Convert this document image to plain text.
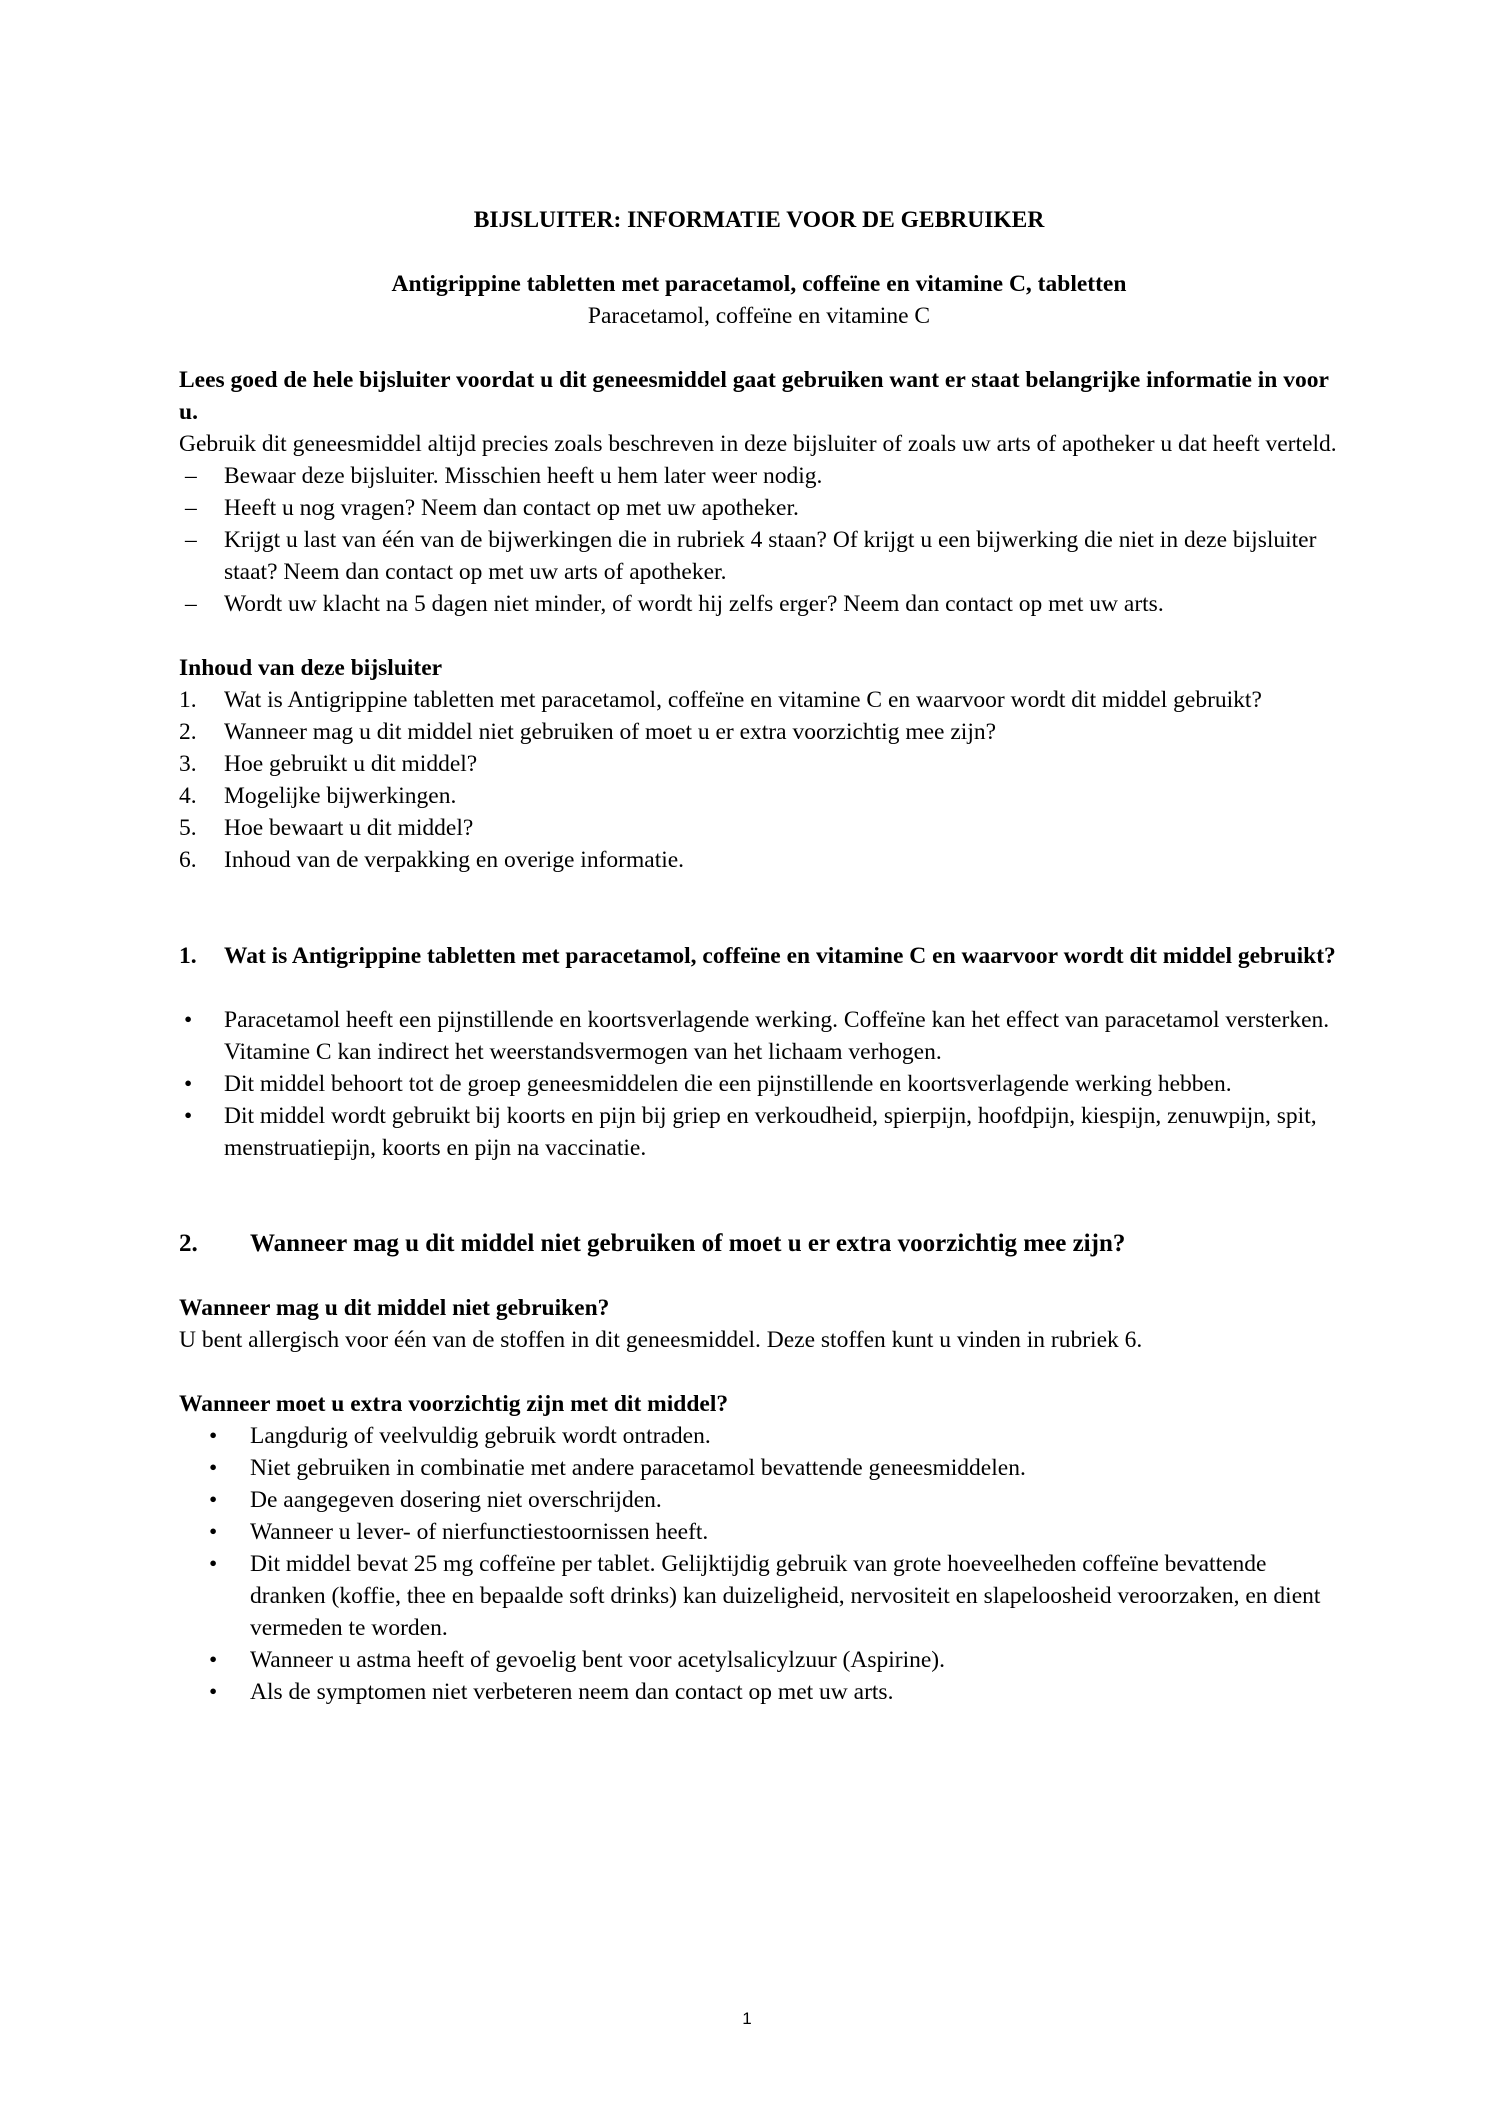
BIJSLUITER: INFORMATIE VOOR DE GEBRUIKER

Antigrippine tabletten met paracetamol, coffeïne en vitamine C, tabletten

Paracetamol, coffeïne en vitamine C

Lees goed de hele bijsluiter voordat u dit geneesmiddel gaat gebruiken want er staat belangrijke informatie in voor u.

Gebruik dit geneesmiddel altijd precies zoals beschreven in deze bijsluiter of zoals uw arts of apotheker u dat heeft verteld.

– Bewaar deze bijsluiter. Misschien heeft u hem later weer nodig.
– Heeft u nog vragen? Neem dan contact op met uw apotheker.
– Krijgt u last van één van de bijwerkingen die in rubriek 4 staan? Of krijgt u een bijwerking die niet in deze bijsluiter staat? Neem dan contact op met uw arts of apotheker.
– Wordt uw klacht na 5 dagen niet minder, of wordt hij zelfs erger? Neem dan contact op met uw arts.

Inhoud van deze bijsluiter

1. Wat is Antigrippine tabletten met paracetamol, coffeïne en vitamine C en waarvoor wordt dit middel gebruikt?
2. Wanneer mag u dit middel niet gebruiken of moet u er extra voorzichtig mee zijn?
3. Hoe gebruikt u dit middel?
4. Mogelijke bijwerkingen.
5. Hoe bewaart u dit middel?
6. Inhoud van de verpakking en overige informatie.
1. Wat is Antigrippine tabletten met paracetamol, coffeïne en vitamine C en waarvoor wordt dit middel gebruikt?
• Paracetamol heeft een pijnstillende en koortsverlagende werking. Coffeïne kan het effect van paracetamol versterken. Vitamine C kan indirect het weerstandsvermogen van het lichaam verhogen.
• Dit middel behoort tot de groep geneesmiddelen die een pijnstillende en koortsverlagende werking hebben.
• Dit middel wordt gebruikt bij koorts en pijn bij griep en verkoudheid, spierpijn, hoofdpijn, kiespijn, zenuwpijn, spit, menstruatiepijn, koorts en pijn na vaccinatie.
2. Wanneer mag u dit middel niet gebruiken of moet u er extra voorzichtig mee zijn?

Wanneer mag u dit middel niet gebruiken?

U bent allergisch voor één van de stoffen in dit geneesmiddel. Deze stoffen kunt u vinden in rubriek 6.

Wanneer moet u extra voorzichtig zijn met dit middel?

• Langdurig of veelvuldig gebruik wordt ontraden.
• Niet gebruiken in combinatie met andere paracetamol bevattende geneesmiddelen.
• De aangegeven dosering niet overschrijden.
• Wanneer u lever- of nierfunctiestoornissen heeft.
• Dit middel bevat 25 mg coffeïne per tablet. Gelijktijdig gebruik van grote hoeveelheden coffeïne bevattende dranken (koffie, thee en bepaalde soft drinks) kan duizeligheid, nervositeit en slapeloosheid veroorzaken, en dient vermeden te worden.
• Wanneer u astma heeft of gevoelig bent voor acetylsalicylzuur (Aspirine).
• Als de symptomen niet verbeteren neem dan contact op met uw arts.
1
